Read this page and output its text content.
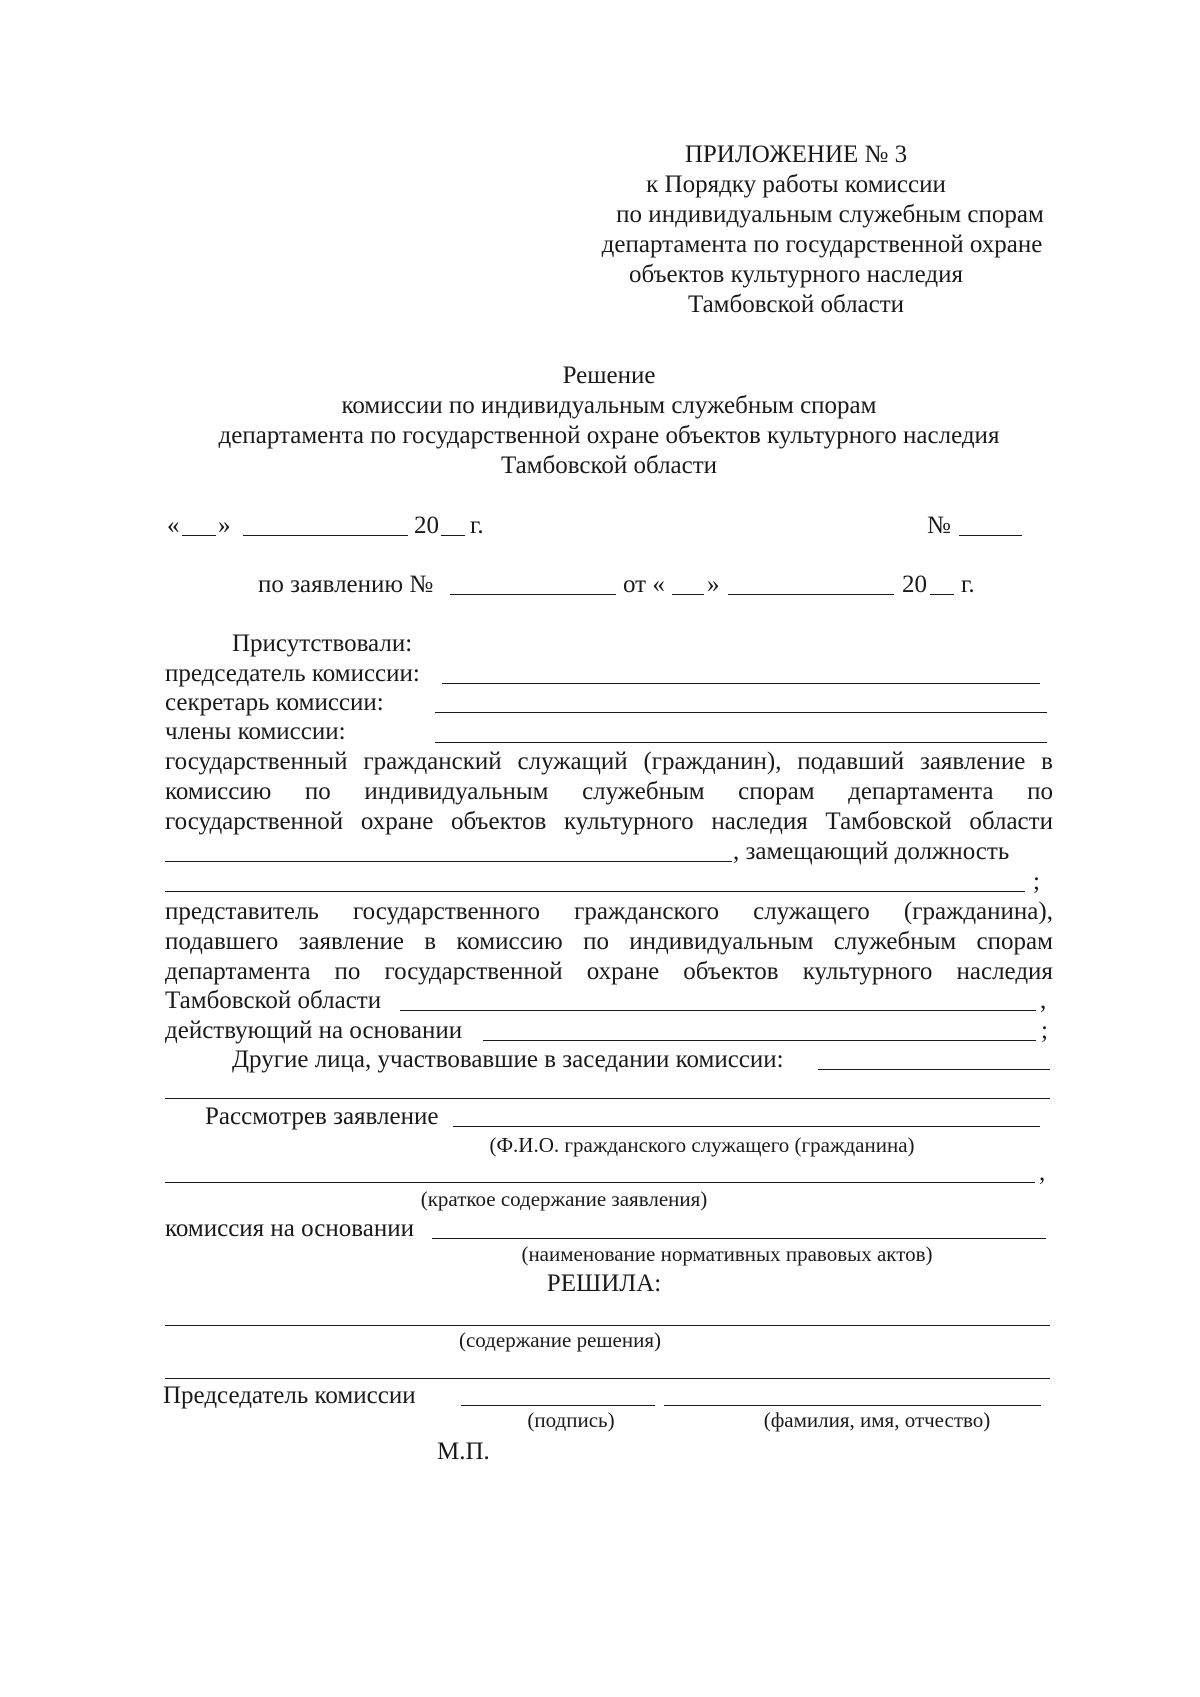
ПРИЛОЖЕНИЕ № 3
к Порядку работы комиссии
по индивидуальным служебным спорам
департамента по государственной охране
объектов культурного наследия
Тамбовской области
Решение
комиссии по индивидуальным служебным спорам
департамента по государственной охране объектов культурного наследия
Тамбовской области
« »	20 г.	№
по заявлению №	от « »	20 г.
Присутствовали:
председатель комиссии:
секретарь комиссии:
члены комиссии:
государственный гражданский служащий (гражданин), подавший заявление в
комиссию по индивидуальным служебным спорам департамента по
государственной охране объектов культурного наследия Тамбовской области
, замещающий должность
;
представитель государственного гражданского служащего (гражданина),
подавшего заявление в комиссию по индивидуальным служебным спорам
департамента по государственной охране объектов культурного наследия
Тамбовской области	,
действующий на основании	;
Другие лица, участвовавшие в заседании комиссии:
Рассмотрев заявление
(Ф.И.О. гражданского служащего (гражданина)
,
(краткое содержание заявления)
комиссия на основании
(наименование нормативных правовых актов)
РЕШИЛА:
(содержание решения)
Председатель комиссии
(подпись)	(фамилия, имя, отчество)
М.П.
